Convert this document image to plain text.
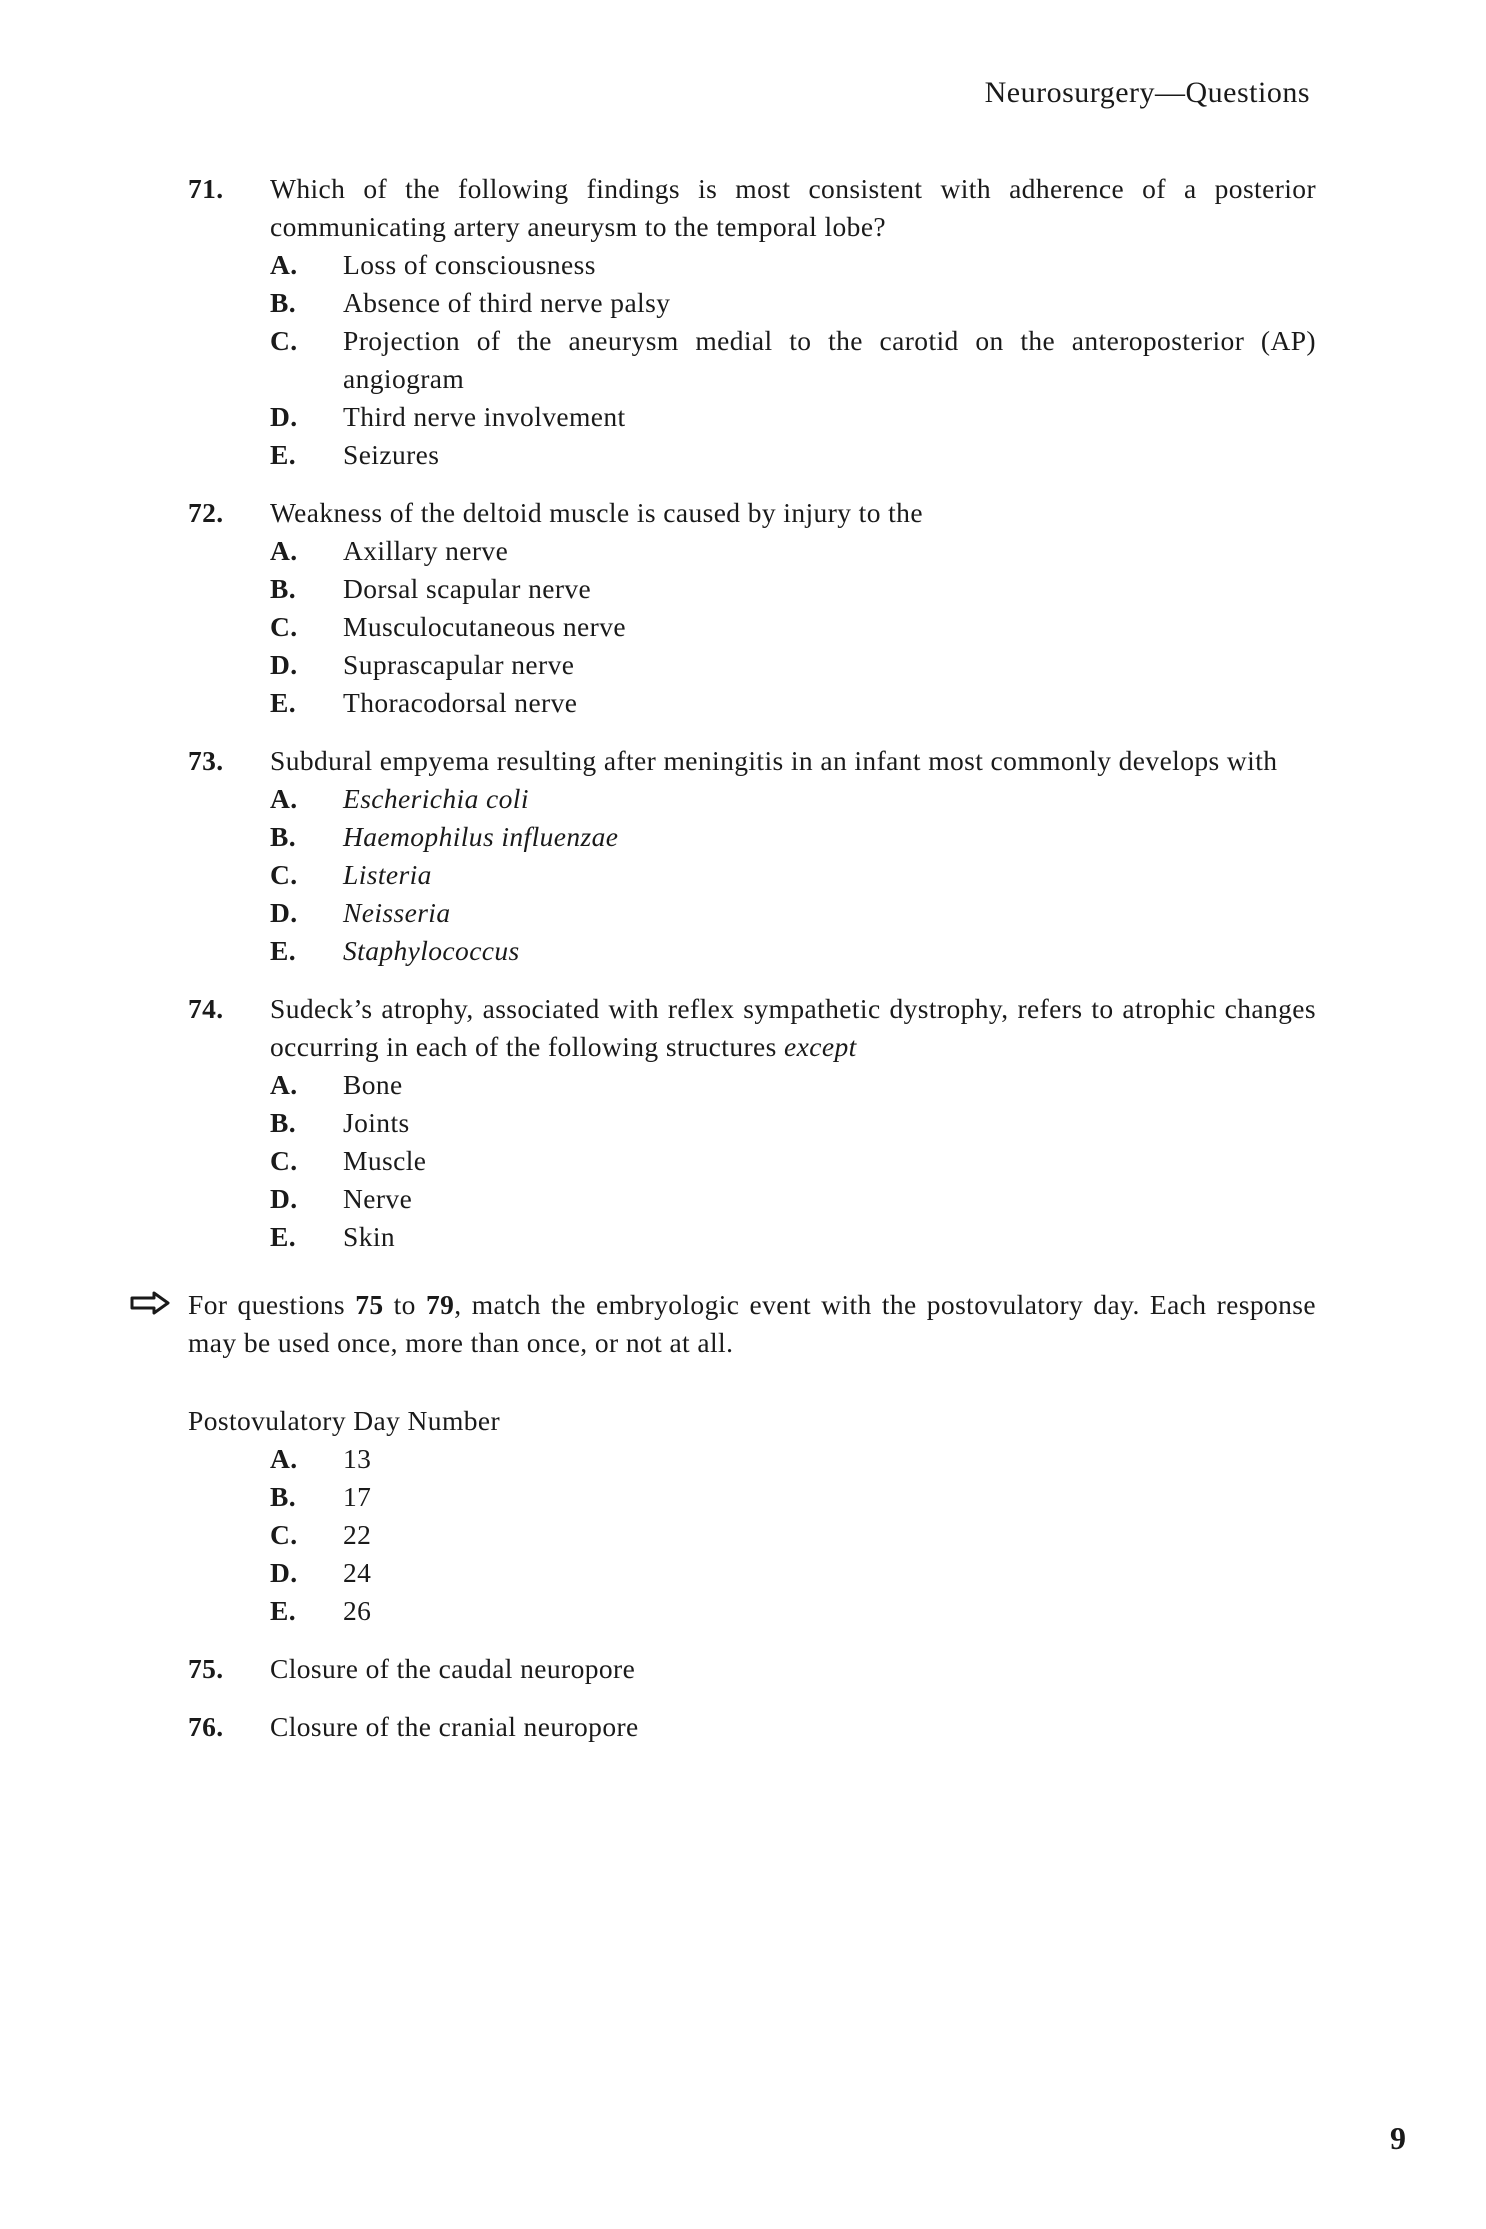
Neurosurgery—Questions
71. Which of the following findings is most consistent with adherence of a posterior communicating artery aneurysm to the temporal lobe?
A. Loss of consciousness
B. Absence of third nerve palsy
C. Projection of the aneurysm medial to the carotid on the anteroposterior (AP) angiogram
D. Third nerve involvement
E. Seizures
72. Weakness of the deltoid muscle is caused by injury to the
A. Axillary nerve
B. Dorsal scapular nerve
C. Musculocutaneous nerve
D. Suprascapular nerve
E. Thoracodorsal nerve
73. Subdural empyema resulting after meningitis in an infant most commonly develops with
A. Escherichia coli
B. Haemophilus influenzae
C. Listeria
D. Neisseria
E. Staphylococcus
74. Sudeck’s atrophy, associated with reflex sympathetic dystrophy, refers to atrophic changes occurring in each of the following structures except
A. Bone
B. Joints
C. Muscle
D. Nerve
E. Skin
For questions 75 to 79, match the embryologic event with the postovulatory day. Each response may be used once, more than once, or not at all.
Postovulatory Day Number
A. 13
B. 17
C. 22
D. 24
E. 26
75. Closure of the caudal neuropore
76. Closure of the cranial neuropore
9
